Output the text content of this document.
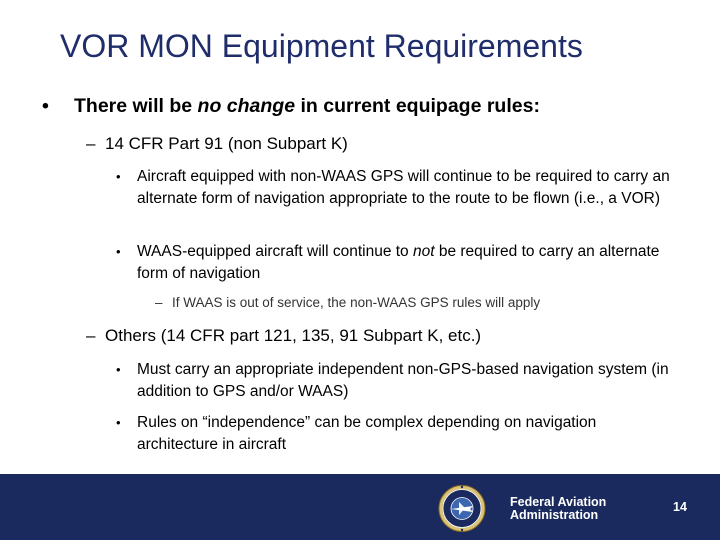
VOR MON Equipment Requirements
• There will be no change in current equipage rules:
– 14 CFR Part 91 (non Subpart K)
• Aircraft equipped with non-WAAS GPS will continue to be required to carry an alternate form of navigation appropriate to the route to be flown (i.e., a VOR)
• WAAS-equipped aircraft will continue to not be required to carry an alternate form of navigation
– If WAAS is out of service, the non-WAAS GPS rules will apply
– Others (14 CFR part 121, 135, 91 Subpart K, etc.)
• Must carry an appropriate independent non-GPS-based navigation system (in addition to GPS and/or WAAS)
• Rules on “independence” can be complex depending on navigation architecture in aircraft
Federal Aviation
Administration
14
